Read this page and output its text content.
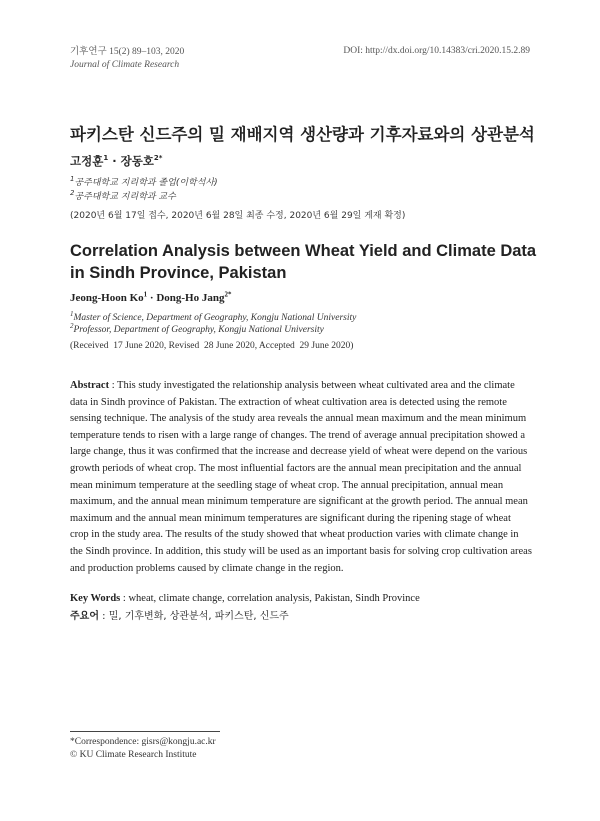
기후연구 15(2) 89–103, 2020
Journal of Climate Research
DOI: http://dx.doi.org/10.14383/cri.2020.15.2.89
파키스탄 신드주의 밀 재배지역 생산량과 기후자료와의 상관분석
고정훈$^1$ · 장동호$^{2*}$
$^1$공주대학교 지리학과 졸업(이학석사)
$^2$공주대학교 지리학과 교수
(2020년 6월 17일 접수, 2020년 6월 28일 최종 수정, 2020년 6월 29일 게재 확정)
Correlation Analysis between Wheat Yield and Climate Data in Sindh Province, Pakistan
Jeong-Hoon $Ko^1$ · Dong-Ho Jang$^{2*}$
$^1$Master of Science, Department of Geography, Kongju National University
$^2$Professor, Department of Geography, Kongju National University
(Received  17 June 2020, Revised  28 June 2020, Accepted  29 June 2020)
Abstract : This study investigated the relationship analysis between wheat cultivated area and the climate data in Sindh province of Pakistan. The extraction of wheat cultivation area is detected using the remote sensing technique. The analysis of the study area reveals the annual mean maximum and the mean minimum temperature tends to risen with a large range of changes. The trend of average annual precipitation showed a large change, thus it was confirmed that the increase and decrease yield of wheat were depend on the various growth periods of wheat crop. The most influential factors are the annual mean precipitation and the annual mean minimum temperature at the seedling stage of wheat crop. The annual precipitation, annual mean maximum, and the annual mean minimum temperature are significant at the growth period. The annual mean maximum and the annual mean minimum temperatures are significant during the ripening stage of wheat crop in the study area. The results of the study showed that wheat production varies with climate change in the Sindh province. In addition, this study will be used as an important basis for solving crop cultivation areas and production problems caused by climate change in the region.
Key Words : wheat, climate change, correlation analysis, Pakistan, Sindh Province
주요어 : 밀, 기후변화, 상관분석, 파키스탄, 신드주
*Correspondence: gisrs@kongju.ac.kr
© KU Climate Research Institute
